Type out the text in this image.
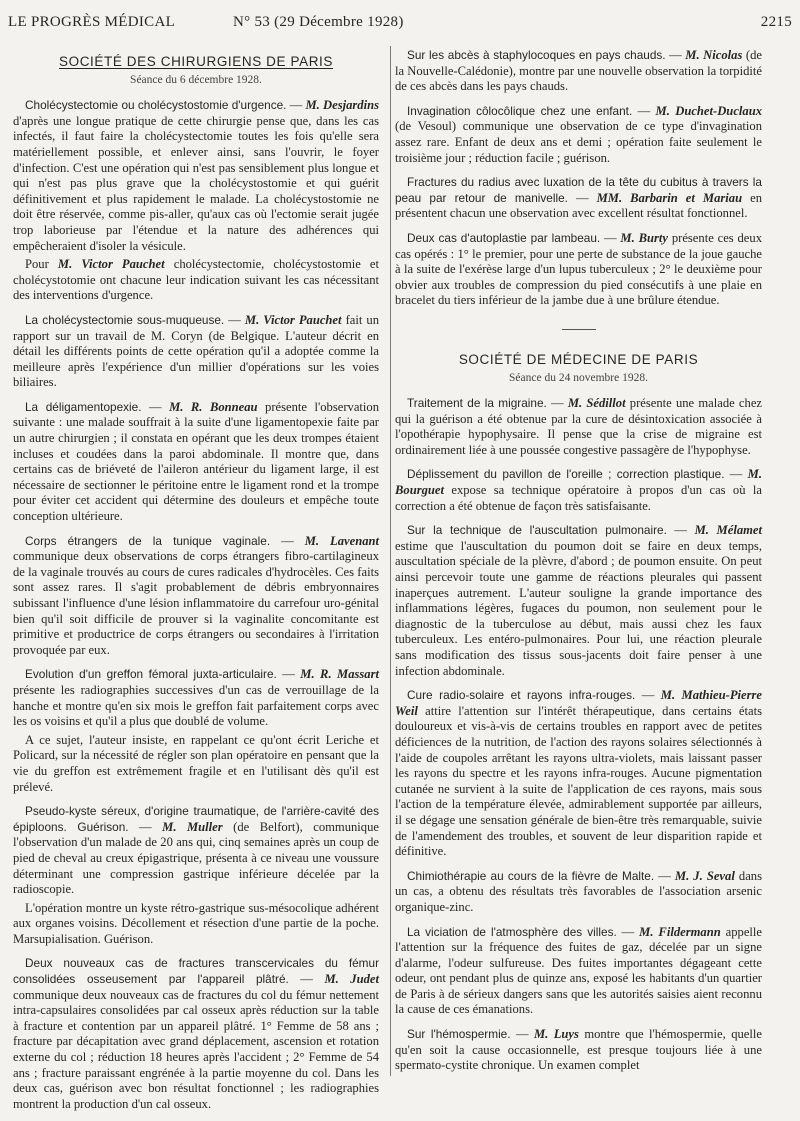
LE PROGRÈS MÉDICAL	N° 53 (29 Décembre 1928)	2215
SOCIÉTÉ DES CHIRURGIENS DE PARIS
Séance du 6 décembre 1928.

Cholécystectomie ou cholécystostomie d'urgence. — M. Desjardins d'après une longue pratique de cette chirurgie pense que, dans les cas infectés, il faut faire la cholécystectomie toutes les fois qu'elle sera matériellement possible, et enlever ainsi, sans l'ouvrir, le foyer d'infection. C'est une opération qui n'est pas sensiblement plus longue et qui n'est pas plus grave que la cholécystostomie et qui guérit définitivement et plus rapidement le malade. La cholécystostomie ne doit être réservée, comme pis-aller, qu'aux cas où l'ectomie serait jugée trop laborieuse par l'étendue et la nature des adhérences qui empêcheraient d'isoler la vésicule.

Pour M. Victor Pauchet cholécystectomie, cholécystostomie et cholécystotomie ont chacune leur indication suivant les cas nécessitant des interventions d'urgence.

La cholécystectomie sous-muqueuse. — M. Victor Pauchet fait un rapport sur un travail de M. Coryn (de Belgique. L'auteur décrit en détail les différents points de cette opération qu'il a adoptée comme la meilleure après l'expérience d'un millier d'opérations sur les voies biliaires.

La déligamentopexie. — M. R. Bonneau présente l'observation suivante : une malade souffrait à la suite d'une ligamentopexie faite par un autre chirurgien ; il constata en opérant que les deux trompes étaient incluses et coudées dans la paroi abdominale. Il montre que, dans certains cas de briéveté de l'aileron antérieur du ligament large, il est nécessaire de sectionner le péritoine entre le ligament rond et la trompe pour éviter cet accident qui détermine des douleurs et empêche toute conception ultérieure.

Corps étrangers de la tunique vaginale. — M. Lavenant communique deux observations de corps étrangers fibro-cartilagineux de la vaginale trouvés au cours de cures radicales d'hydrocèles. Ces faits sont assez rares. Il s'agit probablement de débris embryonnaires subissant l'influence d'une lésion inflammatoire du carrefour uro-génital bien qu'il soit difficile de prouver si la vaginalite concomitante est primitive et productrice de corps étrangers ou secondaires à l'irritation provoquée par eux.

Evolution d'un greffon fémoral juxta-articulaire. — M. R. Massart présente les radiographies successives d'un cas de verrouillage de la hanche et montre qu'en six mois le greffon fait parfaitement corps avec les os voisins et qu'il a plus que doublé de volume.

A ce sujet, l'auteur insiste, en rappelant ce qu'ont écrit Leriche et Policard, sur la nécessité de régler son plan opératoire en pensant que la vie du greffon est extrêmement fragile et en l'utilisant dès qu'il est prélevé.

Pseudo-kyste séreux, d'origine traumatique, de l'arrière-cavité des épiploons. Guérison. — M. Muller (de Belfort), communique l'observation d'un malade de 20 ans qui, cinq semaines après un coup de pied de cheval au creux épigastrique, présenta à ce niveau une voussure déterminant une compression gastrique inférieure décelée par la radioscopie.

L'opération montre un kyste rétro-gastrique sus-mésocolique adhérent aux organes voisins. Décollement et résection d'une partie de la poche. Marsupialisation. Guérison.

Deux nouveaux cas de fractures transcervicales du fémur consolidées osseusement par l'appareil plâtré. — M. Judet communique deux nouveaux cas de fractures du col du fémur nettement intra-capsulaires consolidées par cal osseux après réduction sur la table à fracture et contention par un appareil plâtré. 1° Femme de 58 ans ; fracture par décapitation avec grand déplacement, ascension et rotation externe du col ; réduction 18 heures après l'accident ; 2° Femme de 54 ans ; fracture paraissant engrénée à la partie moyenne du col. Dans les deux cas, guérison avec bon résultat fonctionnel ; les radiographies montrent la production d'un cal osseux.

Sur les abcès à staphylocoques en pays chauds. — M. Nicolas (de la Nouvelle-Calédonie), montre par une nouvelle observation la torpidité de ces abcès dans les pays chauds.

Invagination côlocôlique chez une enfant. — M. Duchet-Duclaux (de Vesoul) communique une observation de ce type d'invagination assez rare. Enfant de deux ans et demi ; opération faite seulement le troisième jour ; réduction facile ; guérison.

Fractures du radius avec luxation de la tête du cubitus à travers la peau par retour de manivelle. — MM. Barbarin et Mariau en présentent chacun une observation avec excellent résultat fonctionnel.

Deux cas d'autoplastie par lambeau. — M. Burty présente ces deux cas opérés : 1° le premier, pour une perte de substance de la joue gauche à la suite de l'exérèse large d'un lupus tuberculeux ; 2° le deuxième pour obvier aux troubles de compression du pied consécutifs à une plaie en bracelet du tiers inférieur de la jambe due à une brûlure étendue.

SOCIÉTÉ DE MÉDECINE DE PARIS
Séance du 24 novembre 1928.

Traitement de la migraine. — M. Sédillot présente une malade chez qui la guérison a été obtenue par la cure de désintoxication associée à l'opothérapie hypophysaire. Il pense que la crise de migraine est ordinairement liée à une poussée congestive passagère de l'hypophyse.

Déplissement du pavillon de l'oreille ; correction plastique. — M. Bourguet expose sa technique opératoire à propos d'un cas où la correction a été obtenue de façon très satisfaisante.

Sur la technique de l'auscultation pulmonaire. — M. Mélamet estime que l'auscultation du poumon doit se faire en deux temps, auscultation spéciale de la plèvre, d'abord ; de poumon ensuite. On peut ainsi percevoir toute une gamme de réactions pleurales qui passent inaperçues autrement. L'auteur souligne la grande importance des inflammations légères, fugaces du poumon, non seulement pour le diagnostic de la tuberculose au début, mais aussi chez les faux tuberculeux. Les entéro-pulmonaires. Pour lui, une réaction pleurale sans modification des tissus sous-jacents doit faire penser à une infection abdominale.

Cure radio-solaire et rayons infra-rouges. — M. Mathieu-Pierre Weil attire l'attention sur l'intérêt thérapeutique, dans certains états douloureux et vis-à-vis de certains troubles en rapport avec de petites déficiences de la nutrition, de l'action des rayons solaires sélectionnés à l'aide de coupoles arrêtant les rayons ultra-violets, mais laissant passer les rayons du spectre et les rayons infra-rouges. Aucune pigmentation cutanée ne survient à la suite de l'application de ces rayons, mais sous l'action de la température élevée, admirablement supportée par ailleurs, il se dégage une sensation générale de bien-être très remarquable, suivie de l'amendement des troubles, et souvent de leur disparition rapide et définitive.

Chimiothérapie au cours de la fièvre de Malte. — M. J. Seval dans un cas, a obtenu des résultats très favorables de l'association arsenic organique-zinc.

La viciation de l'atmosphère des villes. — M. Fildermann appelle l'attention sur la fréquence des fuites de gaz, décelée par un signe d'alarme, l'odeur sulfureuse. Des fuites importantes dégageant cette odeur, ont pendant plus de quinze ans, exposé les habitants d'un quartier de Paris à de sérieux dangers sans que les autorités saisies aient reconnu la cause de ces émanations.

Sur l'hémospermie. — M. Luys montre que l'hémospermie, quelle qu'en soit la cause occasionnelle, est presque toujours liée à une spermato-cystite chronique. Un examen complet
